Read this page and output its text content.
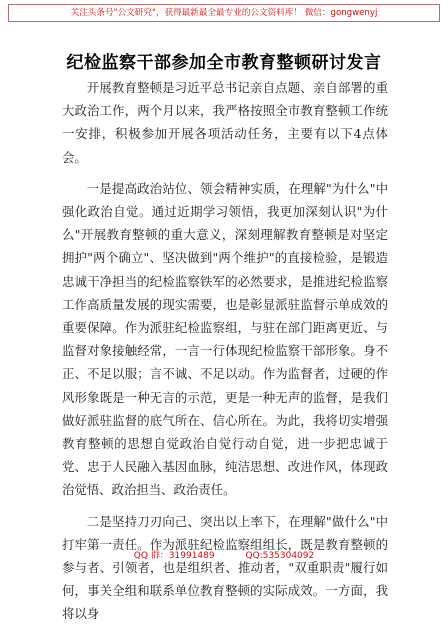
关注头条号"公文研究"，获得最新最全最专业的公文资料库！ 微信：gongwenyj
纪检监察干部参加全市教育整顿研讨发言

开展教育整顿是习近平总书记亲自点题、亲自部署的重大政治工作，两个月以来，我严格按照全市教育整顿工作统一安排，积极参加开展各项活动任务，主要有以下4点体会。

一是提高政治站位、领会精神实质，在理解"为什么"中强化政治自觉。通过近期学习领悟，我更加深刻认识"为什么"开展教育整顿的重大意义，深刻理解教育整顿是对坚定拥护"两个确立"、坚决做到"两个维护"的直接检验，是锻造忠诚干净担当的纪检监察铁军的必然要求，是推进纪检监察工作高质量发展的现实需要，也是彰显派驻监督示单成效的重要保障。作为派驻纪检监察组，与驻在部门距离更近、与监督对象接触经常，一言一行体现纪检监察干部形象。身不正、不足以服；言不诚、不足以动。作为监督者，过硬的作风形象既是一种无言的示范，更是一种无声的监督，是我们做好派驻监督的底气所在、信心所在。为此，我将切实增强教育整顿的思想自觉政治自觉行动自觉，进一步把忠诚于党、忠于人民融入基因血脉，纯洁思想、改进作风，体现政治觉悟、政治担当、政治责任。

二是坚持刀刃向己、突出以上率下，在理解"做什么"中打牢第一责任。作为派驻纪检监察组组长，既是教育整顿的参与者、引领者，也是组织者、推动者，"双重职责"履行如何，事关全组和联系单位教育整顿的实际成效。一方面，我将以身

QQ 群：31991489	QQ:535304092
